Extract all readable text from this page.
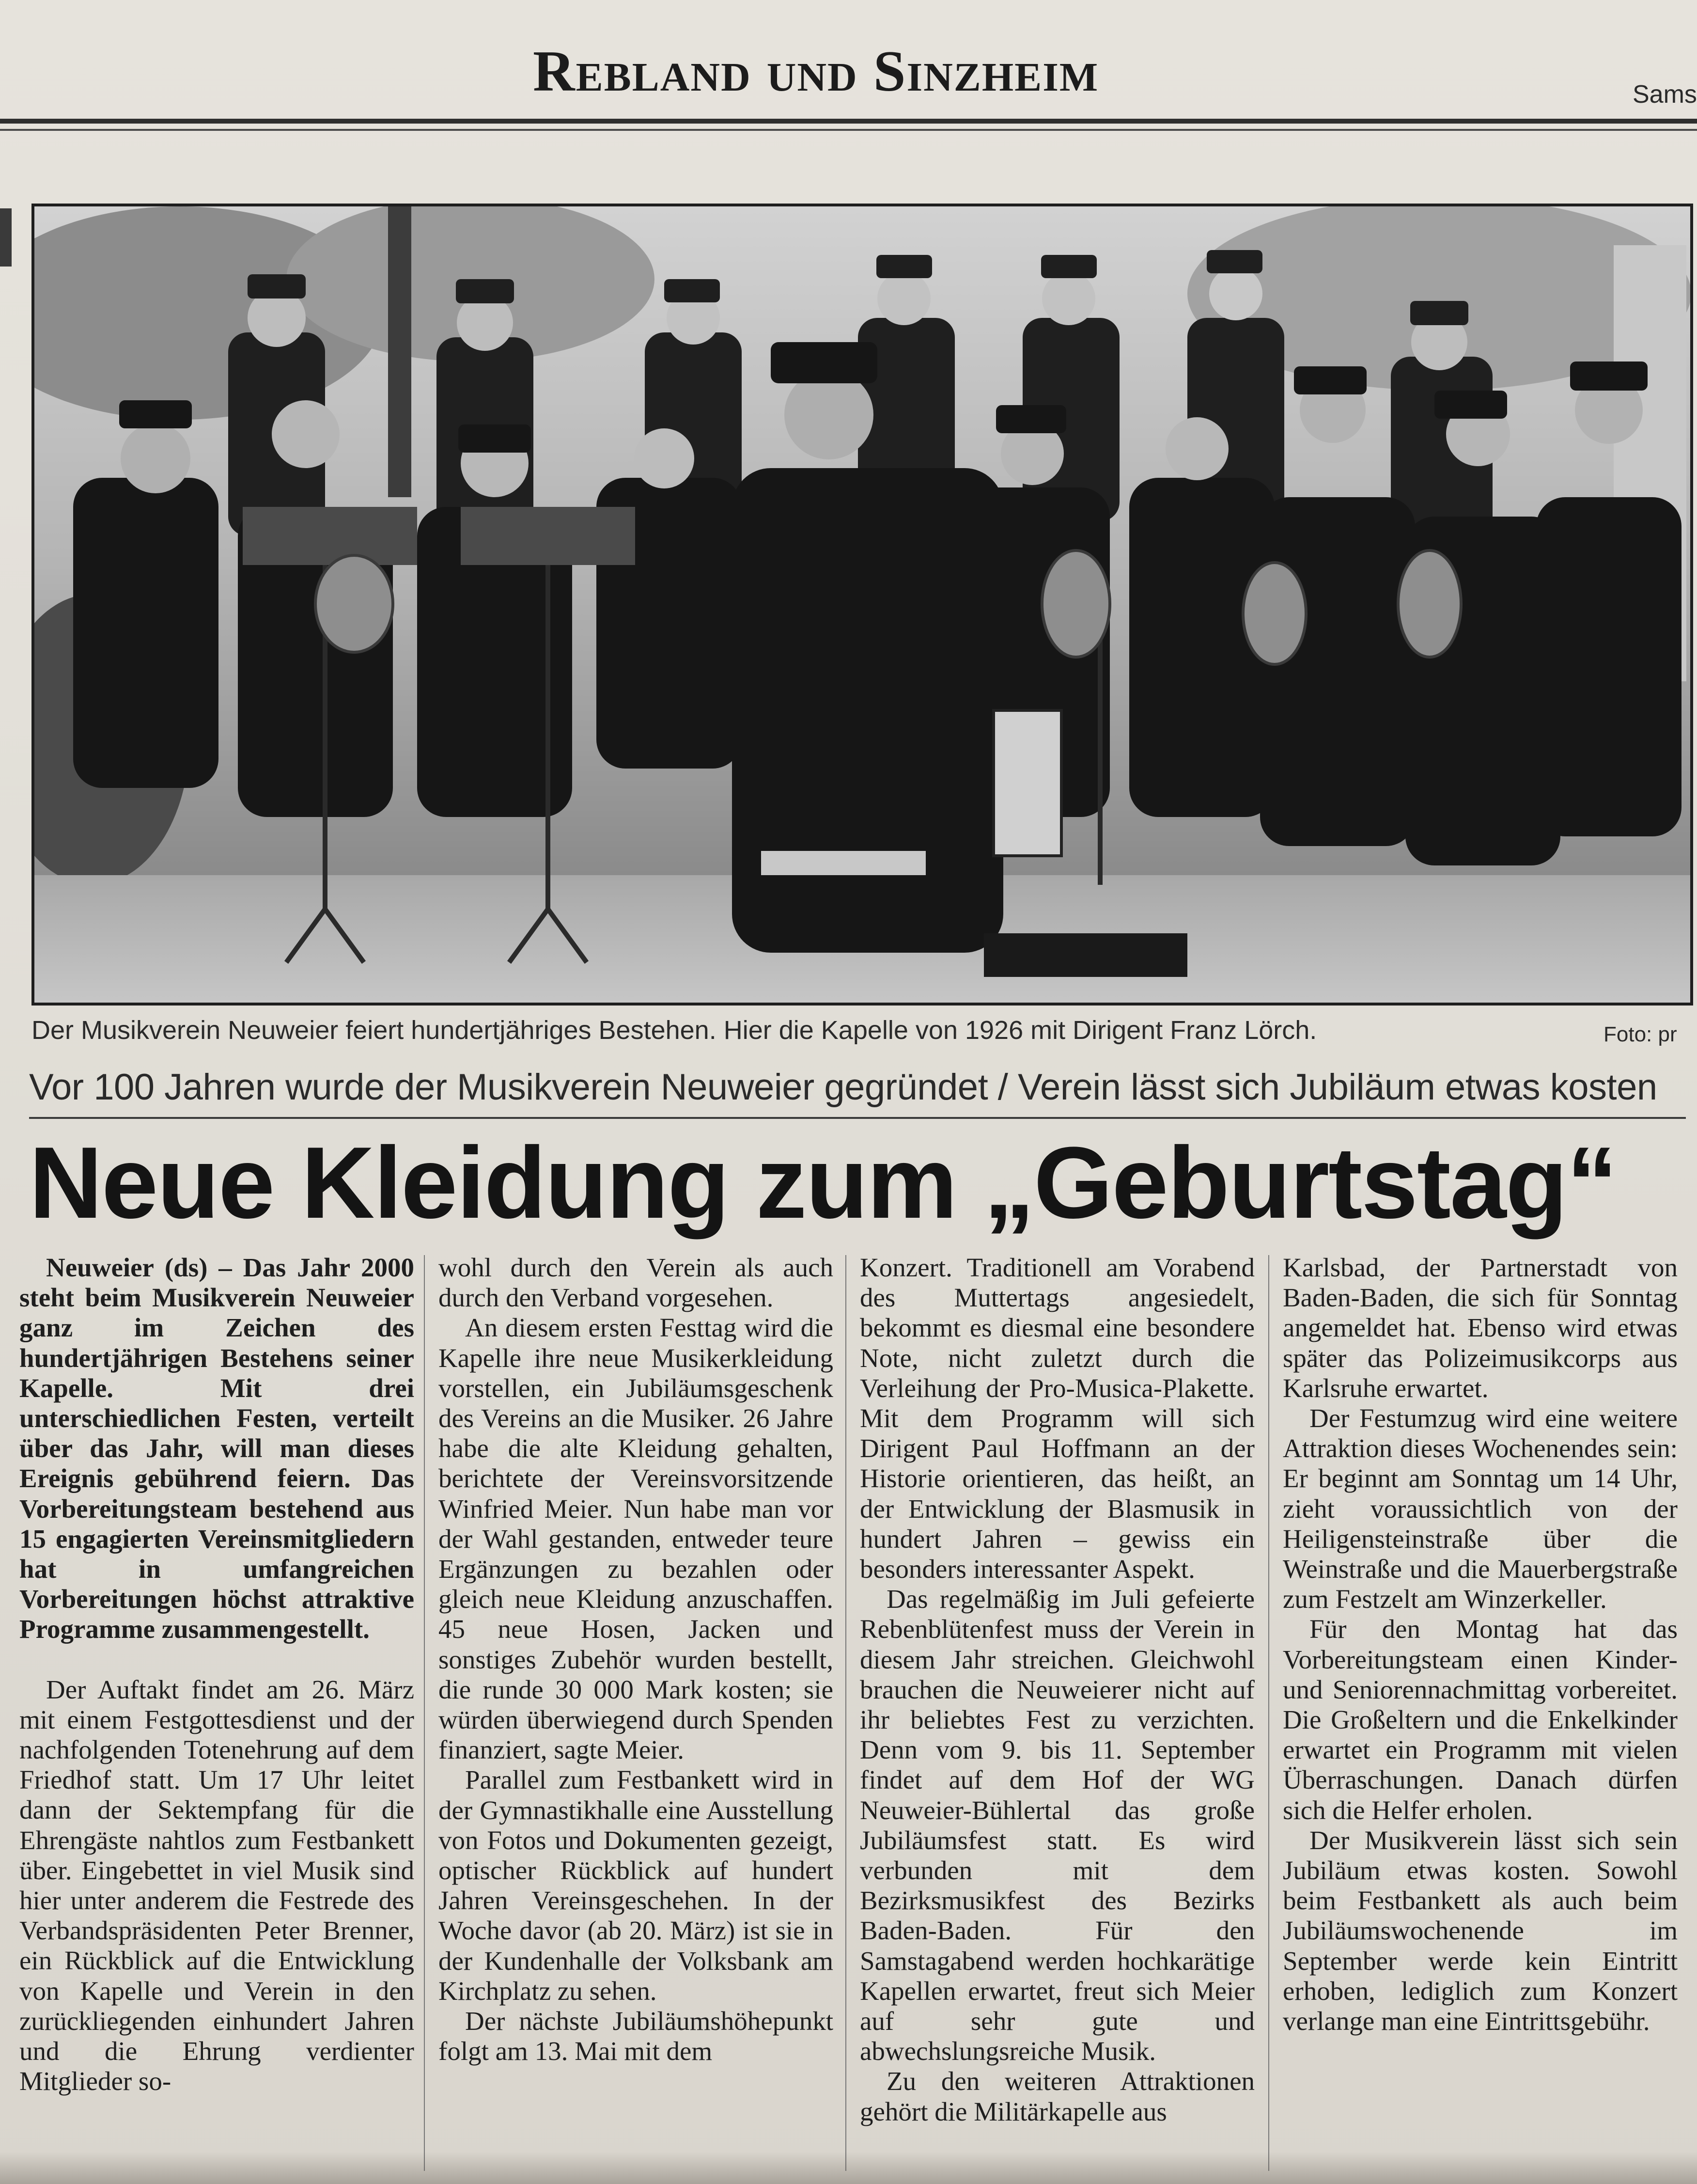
Rebland und Sinzheim	Sams
Der Musikverein Neuweier feiert hundertjähriges Bestehen. Hier die Kapelle von 1926 mit Dirigent Franz Lörch.	Foto: pr
Vor 100 Jahren wurde der Musikverein Neuweier gegründet / Verein lässt sich Jubiläum etwas kosten
Neue Kleidung zum „Geburtstag“

Neuweier (ds) – Das Jahr 2000 steht beim Musikverein Neuweier ganz im Zeichen des hundertjährigen Bestehens seiner Kapelle. Mit drei unterschiedlichen Festen, verteilt über das Jahr, will man dieses Ereignis gebührend feiern. Das Vorbereitungsteam bestehend aus 15 engagierten Vereinsmitgliedern hat in umfangreichen Vorbereitungen höchst attraktive Programme zusammengestellt.

Der Auftakt findet am 26. März mit einem Festgottesdienst und der nachfolgenden Totenehrung auf dem Friedhof statt. Um 17 Uhr leitet dann der Sektempfang für die Ehrengäste nahtlos zum Festbankett über. Eingebettet in viel Musik sind hier unter anderem die Festrede des Verbandspräsidenten Peter Brenner, ein Rückblick auf die Entwicklung von Kapelle und Verein in den zurückliegenden einhundert Jahren und die Ehrung verdienter Mitglieder so-

wohl durch den Verein als auch durch den Verband vorgesehen.

An diesem ersten Festtag wird die Kapelle ihre neue Musikerkleidung vorstellen, ein Jubiläumsgeschenk des Vereins an die Musiker. 26 Jahre habe die alte Kleidung gehalten, berichtete der Vereinsvorsitzende Winfried Meier. Nun habe man vor der Wahl gestanden, entweder teure Ergänzungen zu bezahlen oder gleich neue Kleidung anzuschaffen. 45 neue Hosen, Jacken und sonstiges Zubehör wurden bestellt, die runde 30 000 Mark kosten; sie würden überwiegend durch Spenden finanziert, sagte Meier.

Parallel zum Festbankett wird in der Gymnastikhalle eine Ausstellung von Fotos und Dokumenten gezeigt, optischer Rückblick auf hundert Jahren Vereinsgeschehen. In der Woche davor (ab 20. März) ist sie in der Kundenhalle der Volksbank am Kirchplatz zu sehen.

Der nächste Jubiläumshöhepunkt folgt am 13. Mai mit dem

Konzert. Traditionell am Vorabend des Muttertags angesiedelt, bekommt es diesmal eine besondere Note, nicht zuletzt durch die Verleihung der Pro-Musica-Plakette. Mit dem Programm will sich Dirigent Paul Hoffmann an der Historie orientieren, das heißt, an der Entwicklung der Blasmusik in hundert Jahren – gewiss ein besonders interessanter Aspekt.

Das regelmäßig im Juli gefeierte Rebenblütenfest muss der Verein in diesem Jahr streichen. Gleichwohl brauchen die Neuweierer nicht auf ihr beliebtes Fest zu verzichten. Denn vom 9. bis 11. September findet auf dem Hof der WG Neuweier-Bühlertal das große Jubiläumsfest statt. Es wird verbunden mit dem Bezirksmusikfest des Bezirks Baden-Baden. Für den Samstagabend werden hochkarätige Kapellen erwartet, freut sich Meier auf sehr gute und abwechslungsreiche Musik.

Zu den weiteren Attraktionen gehört die Militärkapelle aus

Karlsbad, der Partnerstadt von Baden-Baden, die sich für Sonntag angemeldet hat. Ebenso wird etwas später das Polizeimusikcorps aus Karlsruhe erwartet.

Der Festumzug wird eine weitere Attraktion dieses Wochenendes sein: Er beginnt am Sonntag um 14 Uhr, zieht voraussichtlich von der Heiligensteinstraße über die Weinstraße und die Mauerbergstraße zum Festzelt am Winzerkeller.

Für den Montag hat das Vorbereitungsteam einen Kinder- und Seniorennachmittag vorbereitet. Die Großeltern und die Enkelkinder erwartet ein Programm mit vielen Überraschungen. Danach dürfen sich die Helfer erholen.

Der Musikverein lässt sich sein Jubiläum etwas kosten. Sowohl beim Festbankett als auch beim Jubiläumswochenende im September werde kein Eintritt erhoben, lediglich zum Konzert verlange man eine Eintrittsgebühr.
